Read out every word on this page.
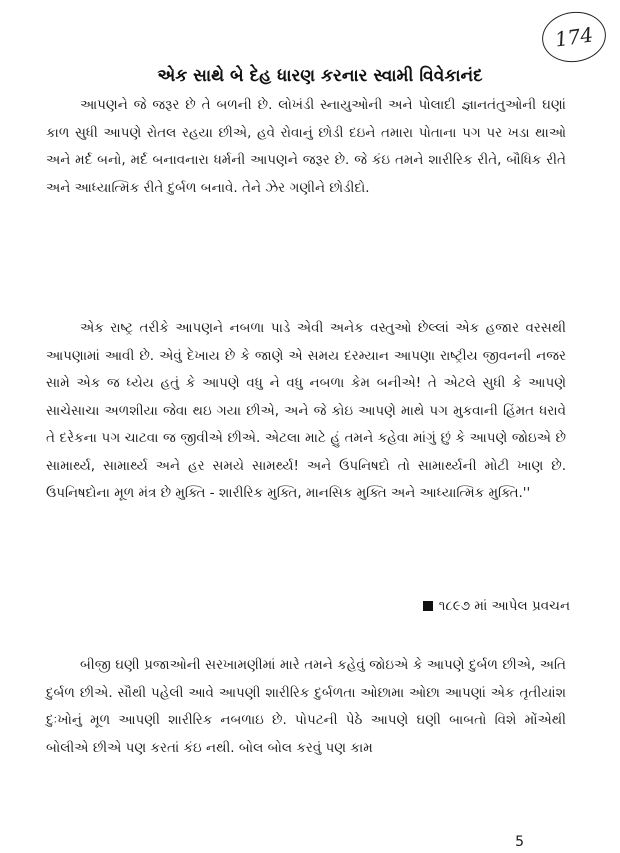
174
એક સાથે બે દેહ ધારણ કરનાર સ્વામી વિવેકાનંદ

આપણને જે જરૂર છે તે બળની છે. લોખંડી સ્નાયુઓની અને પોલાદી જ્ઞાનતંતુઓની ઘણાં કાળ સુધી આપણે રોતલ રહયા છીએ, હવે રોવાનું છોડી દઇને તમારા પોતાના પગ પર ખડા થાઓ અને મર્દ બનો, મર્દ બનાવનારા ધર્મની આપણને જરૂર છે. જે કંઇ તમને શારીરિક રીતે, બૌધિક રીતે અને આધ્યાત્મિક રીતે દુર્બળ બનાવે. તેને ઝેર ગણીને છોડીદો.

એક રાષ્ટ્ર તરીકે આપણને નબળા પાડે એવી અનેક વસ્તુઓ છેલ્લાં એક હજાર વરસથી આપણામાં આવી છે. એવું દેખાય છે કે જાણે એ સમય દરમ્યાન આપણા રાષ્ટ્રીય જીવનની નજર સામે એક જ ધ્યેય હતું કે આપણે વધુ ને વધુ નબળા કેમ બનીએ! તે એટલે સુધી કે આપણે સાચેસાચા અળશીયા જેવા થઇ ગયા છીએ, અને જે કોઇ આપણે માથે પગ મુકવાની હિંમત ધરાવે તે દરેકના પગ ચાટવા જ જીવીએ છીએ. એટલા માટે હું તમને કહેવા માંગું છું કે આપણે જોઇએ છે સામાર્થ્ય, સામાર્થ્ય અને હર સમયે સામર્થ્ય! અને ઉપનિષદો તો સામાર્થ્યની મોટી ખાણ છે. ઉપનિષદોના મૂળ મંત્ર છે મુક્તિ - શારીરિક મુક્તિ, માનસિક મુક્તિ અને આધ્યાત્મિક મુક્તિ.''

૧૮૯૭ માં આપેલ પ્રવચન

બીજી ઘણી પ્રજાઓની સરખામણીમાં મારે તમને કહેવું જોઇએ કે આપણે દુર્બળ છીએ, અતિ દુર્બળ છીએ. સૌથી પહેલી આવે આપણી શારીરિક દુર્બળતા ઓછામા ઓછા આપણાં એક તૃતીયાંશ દુઃખોનું મૂળ આપણી શારીરિક નબળાઇ છે. પોપટની પેઠે આપણે ઘણી બાબતો વિશે મોંએથી બોલીએ છીએ પણ કરતાં કંઇ નથી. બોલ બોલ કરવું પણ કામ

5
